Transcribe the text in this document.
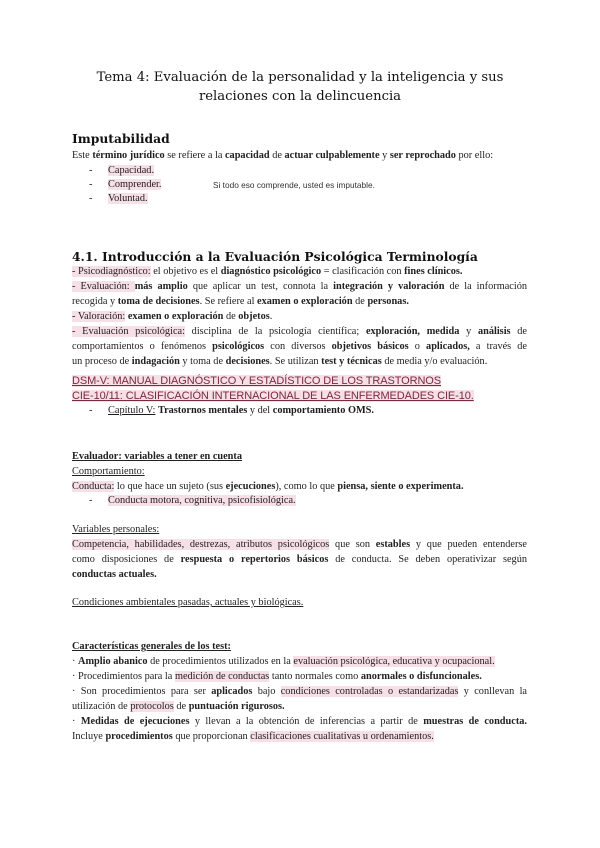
Tema 4: Evaluación de la personalidad y la inteligencia y sus relaciones con la delincuencia
Imputabilidad
Este término jurídico se refiere a la capacidad de actuar culpablemente y ser reprochado por ello:
- Capacidad.
- Comprender.	Si todo eso comprende, usted es imputable.
- Voluntad.
4.1. Introducción a la Evaluación Psicológica Terminología
- Psicodiagnóstico: el objetivo es el diagnóstico psicológico = clasificación con fines clínicos.
- Evaluación: más amplio que aplicar un test, connota la integración y valoración de la información
recogida y toma de decisiones. Se refiere al examen o exploración de personas.
- Valoración: examen o exploración de objetos.
- Evaluación psicológica: disciplina de la psicología científica; exploración, medida y análisis de
comportamientos o fenómenos psicológicos con diversos objetivos básicos o aplicados, a través de
un proceso de indagación y toma de decisiones. Se utilizan test y técnicas de media y/o evaluación.
DSM-V: MANUAL DIAGNÓSTICO Y ESTADÍSTICO DE LOS TRASTORNOS
CIE-10/11: CLASIFICACIÓN INTERNACIONAL DE LAS ENFERMEDADES CIE-10.
- Capítulo V: Trastornos mentales y del comportamiento OMS.
Evaluador: variables a tener en cuenta
Comportamiento:
Conducta: lo que hace un sujeto (sus ejecuciones), como lo que piensa, siente o experimenta.
- Conducta motora, cognitiva, psicofisiológica.
Variables personales:
Competencia, habilidades, destrezas, atributos psicológicos que son estables y que pueden entenderse
como disposiciones de respuesta o repertorios básicos de conducta. Se deben operativizar según
conductas actuales.
Condiciones ambientales pasadas, actuales y biológicas.
Características generales de los test:
· Amplio abanico de procedimientos utilizados en la evaluación psicológica, educativa y ocupacional.
· Procedimientos para la medición de conductas tanto normales como anormales o disfuncionales.
· Son procedimientos para ser aplicados bajo condiciones controladas o estandarizadas y conllevan la
utilización de protocolos de puntuación rigurosos.
· Medidas de ejecuciones y llevan a la obtención de inferencias a partir de muestras de conducta.
Incluye procedimientos que proporcionan clasificaciones cualitativas u ordenamientos.
